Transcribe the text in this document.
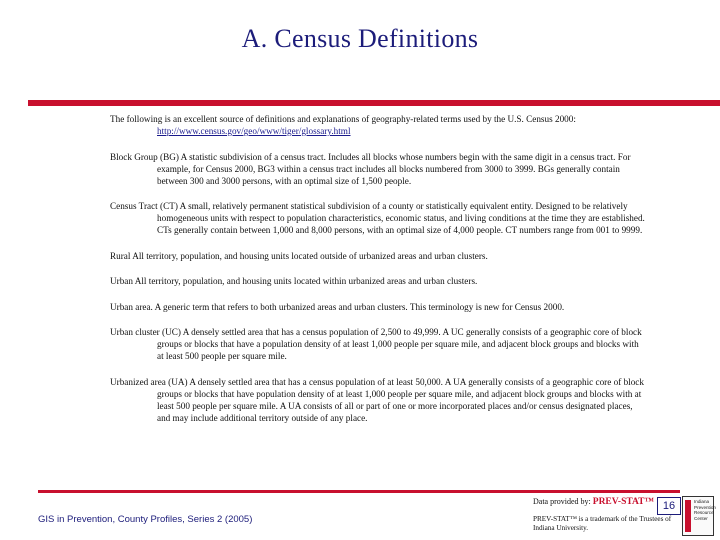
A. Census Definitions

The following is an excellent source of definitions and explanations of geography-related terms used by the U.S. Census 2000: http://www.census.gov/geo/www/tiger/glossary.html

Block Group (BG) A statistic subdivision of a census tract. Includes all blocks whose numbers begin with the same digit in a census tract. For example, for Census 2000, BG3 within a census tract includes all blocks numbered from 3000 to 3999. BGs generally contain between 300 and 3000 persons, with an optimal size of 1,500 people.

Census Tract (CT) A small, relatively permanent statistical subdivision of a county or statistically equivalent entity. Designed to be relatively homogeneous units with respect to population characteristics, economic status, and living conditions at the time they are established. CTs generally contain between 1,000 and 8,000 persons, with an optimal size of 4,000 people. CT numbers range from 001 to 9999.

Rural All territory, population, and housing units located outside of urbanized areas and urban clusters.

Urban All territory, population, and housing units located within urbanized areas and urban clusters.

Urban area. A generic term that refers to both urbanized areas and urban clusters. This terminology is new for Census 2000.

Urban cluster (UC) A densely settled area that has a census population of 2,500 to 49,999. A UC generally consists of a geographic core of block groups or blocks that have a population density of at least 1,000 people per square mile, and adjacent block groups and blocks with at least 500 people per square mile.

Urbanized area (UA) A densely settled area that has a census population of at least 50,000. A UA generally consists of a geographic core of block groups or blocks that have population density of at least 1,000 people per square mile, and adjacent block groups and blocks with at least 500 people per square mile. A UA consists of all or part of one or more incorporated places and/or census designated places, and may include additional territory outside of any place.

GIS in Prevention, County Profiles, Series 2 (2005)
Data provided by: PREV-STAT™
PREV-STAT™ is a trademark of the Trustees of Indiana University.
16	Indiana Prevention Resource Center
